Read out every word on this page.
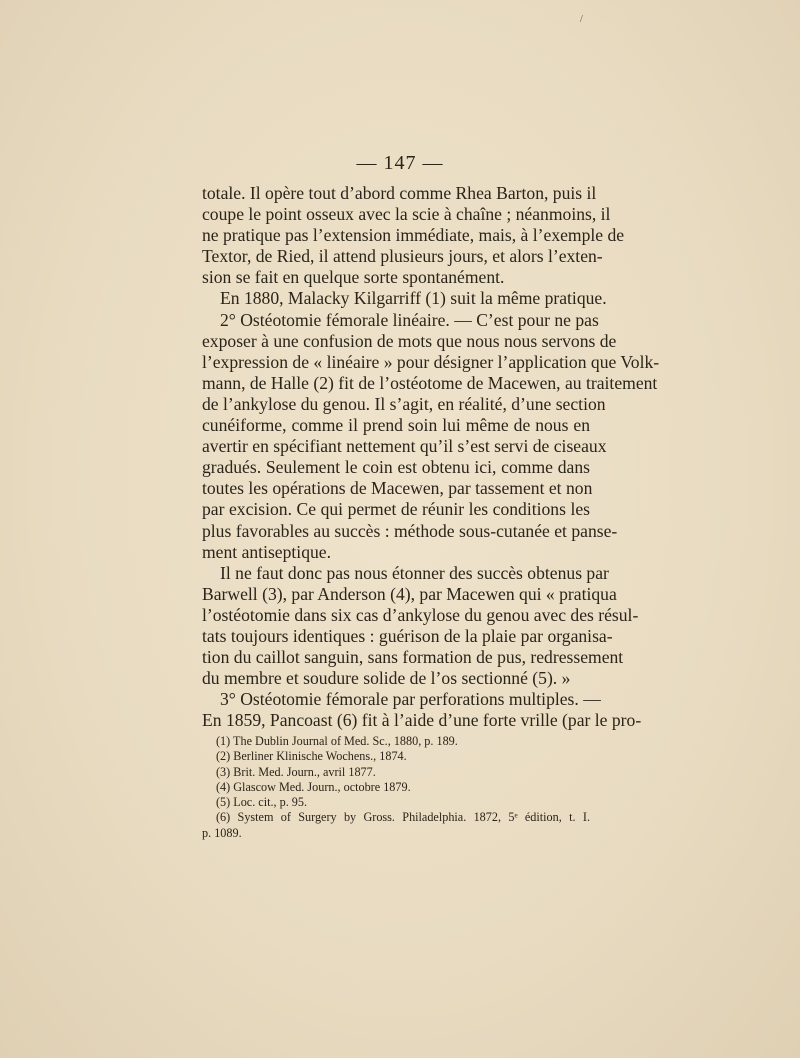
/
— 147 —
totale. Il opère tout d’abord comme Rhea Barton, puis il
coupe le point osseux avec la scie à chaîne ; néanmoins, il
ne pratique pas l’extension immédiate, mais, à l’exemple de
Textor, de Ried, il attend plusieurs jours, et alors l’exten-
sion se fait en quelque sorte spontanément.
En 1880, Malacky Kilgarriff (1) suit la même pratique.
2° Ostéotomie fémorale linéaire. — C’est pour ne pas
exposer à une confusion de mots que nous nous servons de
l’expression de « linéaire » pour désigner l’application que Volk-
mann, de Halle (2) fit de l’ostéotome de Macewen, au traitement
de l’ankylose du genou. Il s’agit, en réalité, d’une section
cunéiforme, comme il prend soin lui même de nous en
avertir en spécifiant nettement qu’il s’est servi de ciseaux
gradués. Seulement le coin est obtenu ici, comme dans
toutes les opérations de Macewen, par tassement et non
par excision. Ce qui permet de réunir les conditions les
plus favorables au succès : méthode sous-cutanée et panse-
ment antiseptique.
Il ne faut donc pas nous étonner des succès obtenus par
Barwell (3), par Anderson (4), par Macewen qui « pratiqua
l’ostéotomie dans six cas d’ankylose du genou avec des résul-
tats toujours identiques : guérison de la plaie par organisa-
tion du caillot sanguin, sans formation de pus, redressement
du membre et soudure solide de l’os sectionné (5). »
3° Ostéotomie fémorale par perforations multiples. —
En 1859, Pancoast (6) fit à l’aide d’une forte vrille (par le pro-
(1) The Dublin Journal of Med. Sc., 1880, p. 189.
(2) Berliner Klinische Wochens., 1874.
(3) Brit. Med. Journ., avril 1877.
(4) Glascow Med. Journ., octobre 1879.
(5) Loc. cit., p. 95.
(6) System of Surgery by Gross. Philadelphia. 1872, 5ᵉ édition, t. I.
p. 1089.
